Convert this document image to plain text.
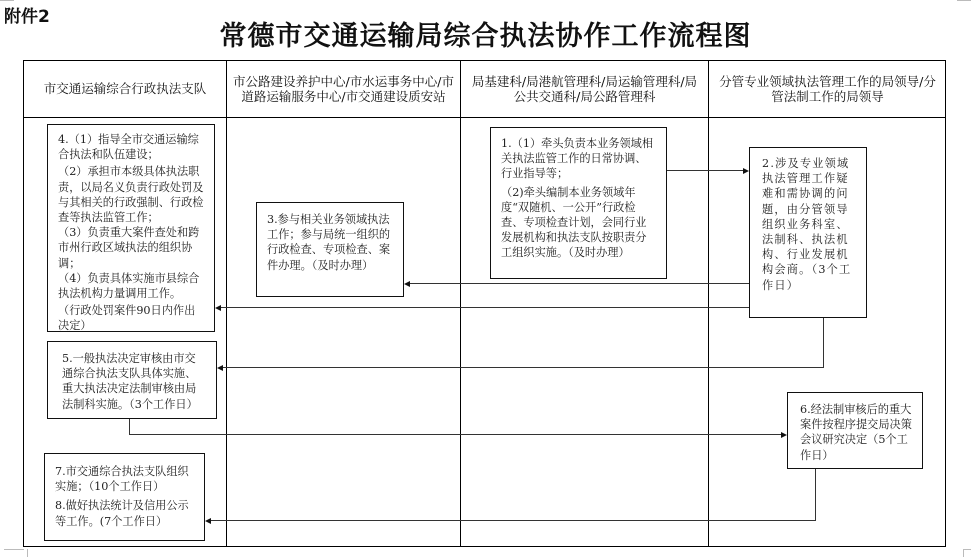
附件2
常德市交通运输局综合执法协作工作流程图
市交通运输综合行政执法支队	市公路建设养护中心/市水运事务中心/市道路运输服务中心/市交通建设质安站
局基建科/局港航管理科/局运输管理科/局公共交通科/局公路管理科
分管专业领域执法管理工作的局领导/分管法制工作的局领导

4.（1）指导全市交通运输综合执法和队伍建设；

（2）承担市本级具体执法职责，以局名义负责行政处罚及与其相关的行政强制、行政检查等执法监管工作；

（3）负责重大案件查处和跨市州行政区域执法的组织协调；

（4）负责具体实施市县综合执法机构力量调用工作。

（行政处罚案件90日内作出决定）

5.一般执法决定审核由市交通综合执法支队具体实施、重大执法决定法制审核由局法制科实施。（3个工作日）

7.市交通综合执法支队组织实施；（10个工作日）

8.做好执法统计及信用公示等工作。(7个工作日）

3.参与相关业务领域执法工作；参与局统一组织的行政检查、专项检查、案件办理。（及时办理）

1.（1）牵头负责本业务领域相关执法监管工作的日常协调、行业指导等；

（2)牵头编制本业务领域年度“双随机、一公开”行政检查、专项检查计划，会同行业发展机构和执法支队按职责分工组织实施。（及时办理）

2.涉及专业领域执法管理工作疑难和需协调的问题，由分管领导组织业务科室、法制科、执法机构、行业发展机构会商。（3个工作日）

6.经法制审核后的重大案件按程序提交局决策会议研究决定（5个工作日）
